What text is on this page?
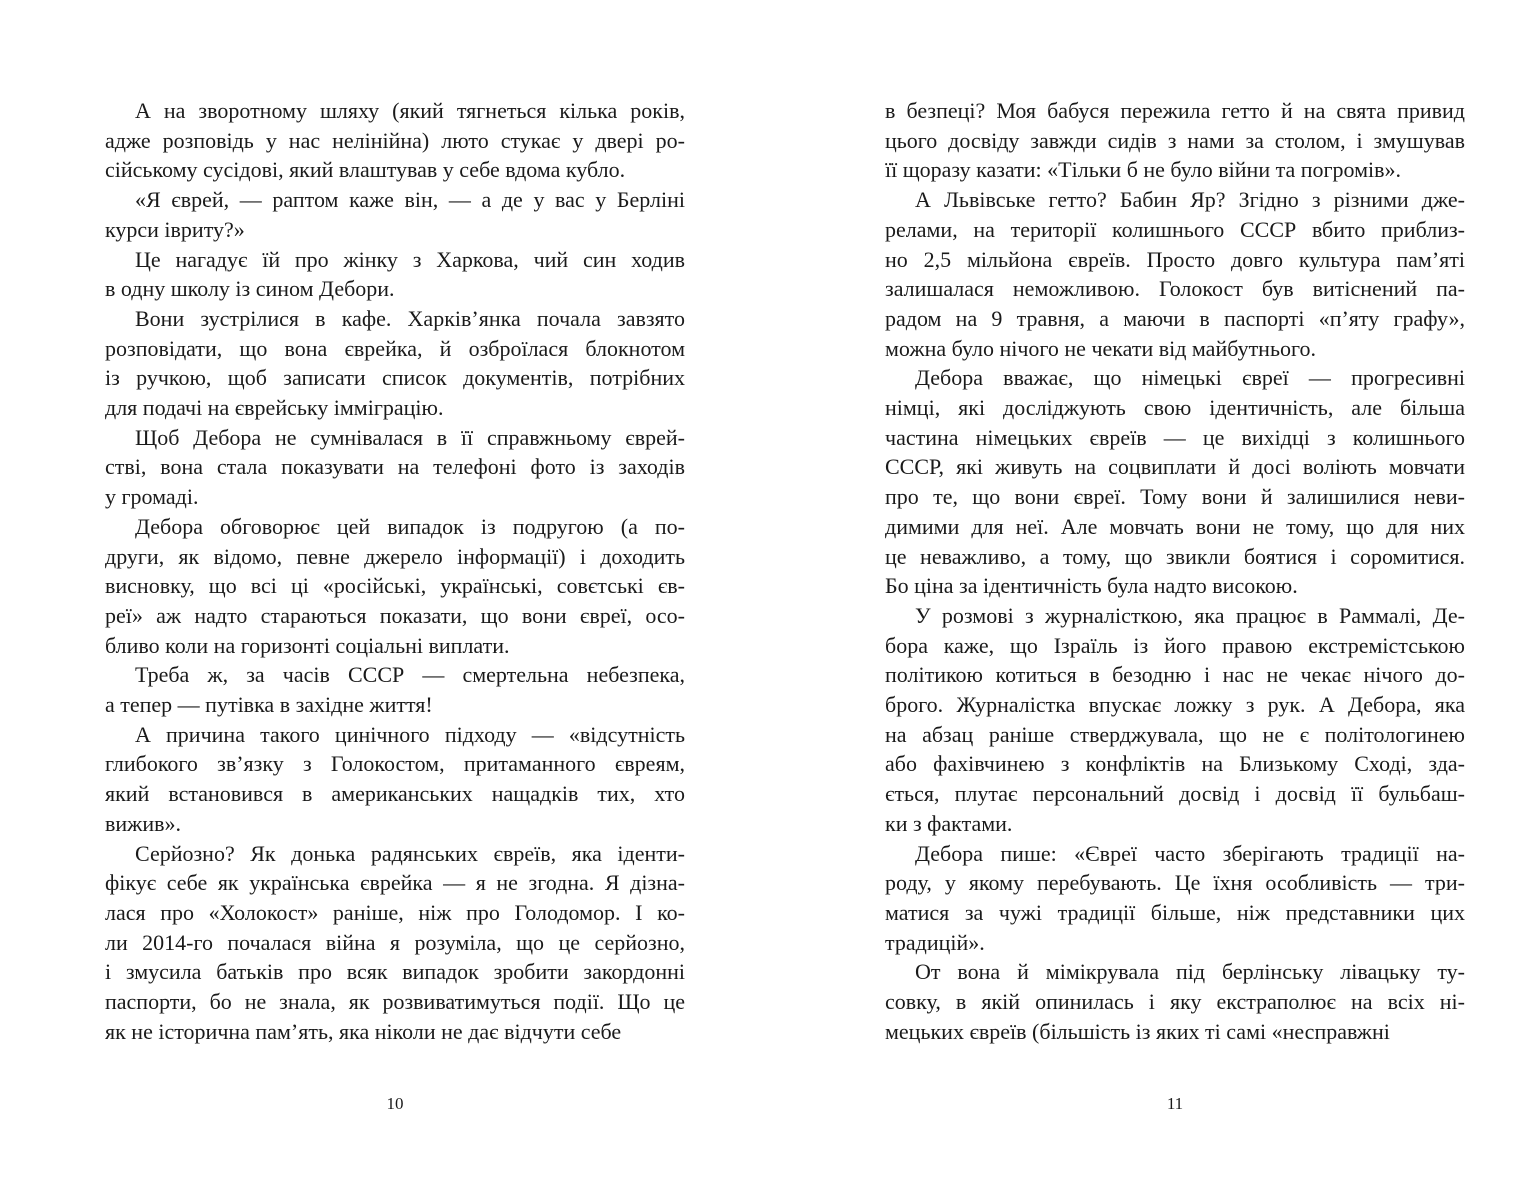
А на зворотному шляху (який тягнеться кілька років,
адже розповідь у нас нелінійна) люто стукає у двері ро-
сійському сусідові, який влаштував у себе вдома кубло.
«Я єврей, — раптом каже він, — а де у вас у Берліні
курси івриту?»
Це нагадує їй про жінку з Харкова, чий син ходив
в одну школу із сином Дебори.
Вони зустрілися в кафе. Харків’янка почала завзято
розповідати, що вона єврейка, й озброїлася блокнотом
із ручкою, щоб записати список документів, потрібних
для подачі на єврейську імміграцію.
Щоб Дебора не сумнівалася в її справжньому єврей-
стві, вона стала показувати на телефоні фото із заходів
у громаді.
Дебора обговорює цей випадок із подругою (а по-
други, як відомо, певне джерело інформації) і доходить
висновку, що всі ці «російські, українські, совєтські єв-
реї» аж надто стараються показати, що вони євреї, осо-
бливо коли на горизонті соціальні виплати.
Треба ж, за часів СССР — смертельна небезпека,
а тепер — путівка в західне життя!
А причина такого цинічного підходу — «відсутність
глибокого зв’язку з Голокостом, притаманного євреям,
який встановився в американських нащадків тих, хто
вижив».
Серйозно? Як донька радянських євреїв, яка іденти-
фікує себе як українська єврейка — я не згодна. Я дізна-
лася про «Холокост» раніше, ніж про Голодомор. І ко-
ли 2014-го почалася війна я розуміла, що це серйозно,
і змусила батьків про всяк випадок зробити закордонні
паспорти, бо не знала, як розвиватимуться події. Що це
як не історична пам’ять, яка ніколи не дає відчути себе
10
в безпеці? Моя бабуся пережила гетто й на свята привид
цього досвіду завжди сидів з нами за столом, і змушував
її щоразу казати: «Тільки б не було війни та погромів».
А Львівське гетто? Бабин Яр? Згідно з різними дже-
релами, на території колишнього СССР вбито приблиз-
но 2,5 мільйона євреїв. Просто довго культура пам’яті
залишалася неможливою. Голокост був витіснений па-
радом на 9 травня, а маючи в паспорті «п’яту графу»,
можна було нічого не чекати від майбутнього.
Дебора вважає, що німецькі євреї — прогресивні
німці, які досліджують свою ідентичність, але більша
частина німецьких євреїв — це вихідці з колишнього
СССР, які живуть на соцвиплати й досі воліють мовчати
про те, що вони євреї. Тому вони й залишилися неви-
димими для неї. Але мовчать вони не тому, що для них
це неважливо, а тому, що звикли боятися і соромитися.
Бо ціна за ідентичність була надто високою.
У розмові з журналісткою, яка працює в Раммалі, Де-
бора каже, що Ізраїль із його правою екстремістською
політикою котиться в безодню і нас не чекає нічого до-
брого. Журналістка впускає ложку з рук. А Дебора, яка
на абзац раніше стверджувала, що не є політологинею
або фахівчинею з конфліктів на Близькому Сході, зда-
ється, плутає персональний досвід і досвід її бульбаш-
ки з фактами.
Дебора пише: «Євреї часто зберігають традиції на-
роду, у якому перебувають. Це їхня особливість — три-
матися за чужі традиції більше, ніж представники цих
традицій».
От вона й мімікрувала під берлінську лівацьку ту-
совку, в якій опинилась і яку екстраполює на всіх ні-
мецьких євреїв (більшість із яких ті самі «несправжні
11
